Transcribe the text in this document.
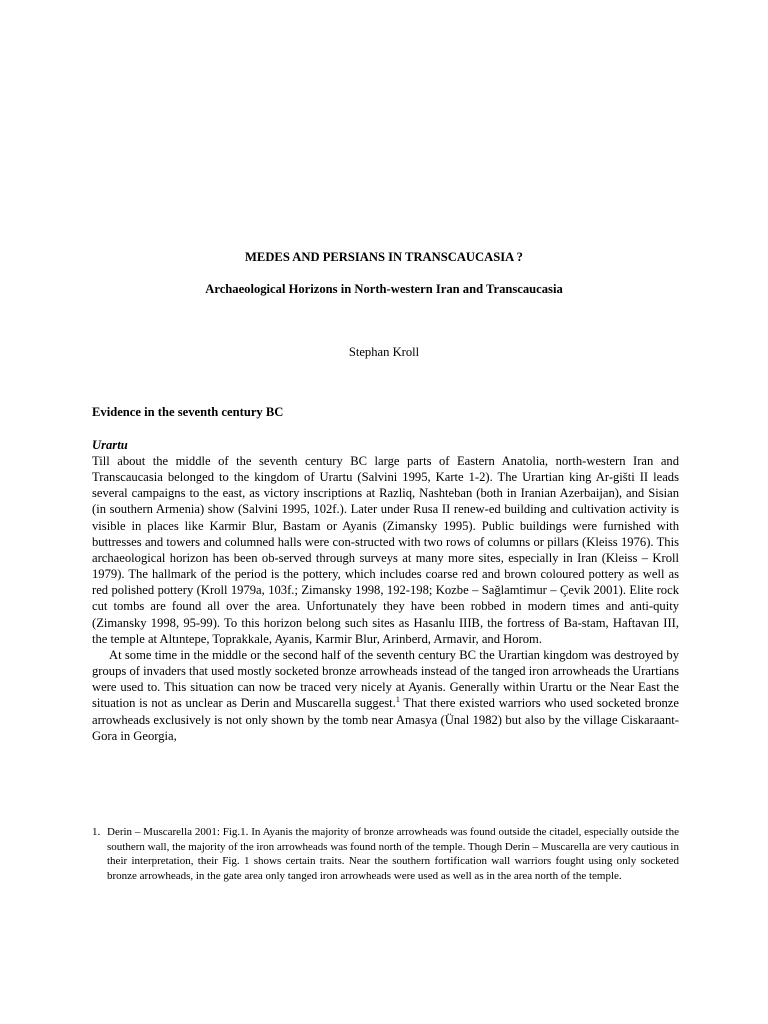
MEDES AND PERSIANS IN TRANSCAUCASIA ?
Archaeological Horizons in North-western Iran and Transcaucasia
Stephan Kroll
Evidence in the seventh century BC
Urartu

Till about the middle of the seventh century BC large parts of Eastern Anatolia, north-western Iran and Transcaucasia belonged to the kingdom of Urartu (Salvini 1995, Karte 1-2). The Urartian king Ar-gišti II leads several campaigns to the east, as victory inscriptions at Razliq, Nashteban (both in Iranian Azerbaijan), and Sisian (in southern Armenia) show (Salvini 1995, 102f.). Later under Rusa II renew-ed building and cultivation activity is visible in places like Karmir Blur, Bastam or Ayanis (Zimansky 1995). Public buildings were furnished with buttresses and towers and columned halls were con-structed with two rows of columns or pillars (Kleiss 1976). This archaeological horizon has been ob-served through surveys at many more sites, especially in Iran (Kleiss – Kroll 1979). The hallmark of the period is the pottery, which includes coarse red and brown coloured pottery as well as red polished pottery (Kroll 1979a, 103f.; Zimansky 1998, 192-198; Kozbe – Sağlamtimur – Çevik 2001). Elite rock cut tombs are found all over the area. Unfortunately they have been robbed in modern times and anti-quity (Zimansky 1998, 95-99). To this horizon belong such sites as Hasanlu IIIB, the fortress of Ba-stam, Haftavan III, the temple at Altıntepe, Toprakkale, Ayanis, Karmir Blur, Arinberd, Armavir, and Horom.

At some time in the middle or the second half of the seventh century BC the Urartian kingdom was destroyed by groups of invaders that used mostly socketed bronze arrowheads instead of the tanged iron arrowheads the Urartians were used to. This situation can now be traced very nicely at Ayanis. Generally within Urartu or the Near East the situation is not as unclear as Derin and Muscarella suggest.$^1$ That there existed warriors who used socketed bronze arrowheads exclusively is not only shown by the tomb near Amasya (Ünal 1982) but also by the village Ciskaraant-Gora in Georgia,

1. Derin – Muscarella 2001: Fig.1. In Ayanis the majority of bronze arrowheads was found outside the citadel, especially outside the southern wall, the majority of the iron arrowheads was found north of the temple. Though Derin – Muscarella are very cautious in their interpretation, their Fig. 1 shows certain traits. Near the southern fortification wall warriors fought using only socketed bronze arrowheads, in the gate area only tanged iron arrowheads were used as well as in the area north of the temple.
